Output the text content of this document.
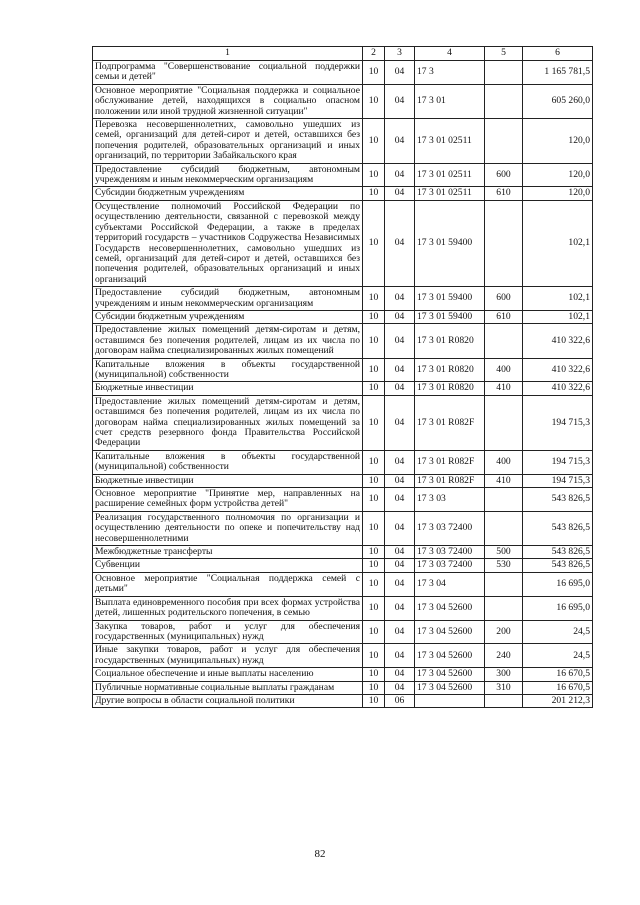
1	2	3	4	5	6
Подпрограмма "Совершенствование социальной поддержки семьи и детей"	10	04	17 3		1 165 781,5
Основное мероприятие "Социальная поддержка и социальное обслуживание детей, находящихся в социально опасном положении или иной трудной жизненной ситуации"	10	04	17 3 01		605 260,0
Перевозка несовершеннолетних, самовольно ушедших из семей, организаций для детей-сирот и детей, оставшихся без попечения родителей, образовательных организаций и иных организаций, по территории Забайкальского края	10	04	17 3 01 02511		120,0
Предоставление субсидий бюджетным, автономным учреждениям и иным некоммерческим организациям	10	04	17 3 01 02511	600	120,0
Субсидии бюджетным учреждениям	10	04	17 3 01 02511	610	120,0
Осуществление полномочий Российской Федерации по осуществлению деятельности, связанной с перевозкой между субъектами Российской Федерации, а также в пределах территорий государств – участников Содружества Независимых Государств несовершеннолетних, самовольно ушедших из семей, организаций для детей-сирот и детей, оставшихся без попечения родителей, образовательных организаций и иных организаций	10	04	17 3 01 59400		102,1
Предоставление субсидий бюджетным, автономным учреждениям и иным некоммерческим организациям	10	04	17 3 01 59400	600	102,1
Субсидии бюджетным учреждениям	10	04	17 3 01 59400	610	102,1
Предоставление жилых помещений детям-сиротам и детям, оставшимся без попечения родителей, лицам из их числа по договорам найма специализированных жилых помещений	10	04	17 3 01 R0820		410 322,6
Капитальные вложения в объекты государственной (муниципальной) собственности	10	04	17 3 01 R0820	400	410 322,6
Бюджетные инвестиции	10	04	17 3 01 R0820	410	410 322,6
Предоставление жилых помещений детям-сиротам и детям, оставшимся без попечения родителей, лицам из их числа по договорам найма специализированных жилых помещений за счет средств резервного фонда Правительства Российской Федерации	10	04	17 3 01 R082F		194 715,3
Капитальные вложения в объекты государственной (муниципальной) собственности	10	04	17 3 01 R082F	400	194 715,3
Бюджетные инвестиции	10	04	17 3 01 R082F	410	194 715,3
Основное мероприятие "Принятие мер, направленных на расширение семейных форм устройства детей"	10	04	17 3 03		543 826,5
Реализация государственного полномочия по организации и осуществлению деятельности по опеке и попечительству над несовершеннолетними	10	04	17 3 03 72400		543 826,5
Межбюджетные трансферты	10	04	17 3 03 72400	500	543 826,5
Субвенции	10	04	17 3 03 72400	530	543 826,5
Основное мероприятие "Социальная поддержка семей с детьми"	10	04	17 3 04		16 695,0
Выплата единовременного пособия при всех формах устройства детей, лишенных родительского попечения, в семью	10	04	17 3 04 52600		16 695,0
Закупка товаров, работ и услуг для обеспечения государственных (муниципальных) нужд	10	04	17 3 04 52600	200	24,5
Иные закупки товаров, работ и услуг для обеспечения государственных (муниципальных) нужд	10	04	17 3 04 52600	240	24,5
Социальное обеспечение и иные выплаты населению	10	04	17 3 04 52600	300	16 670,5
Публичные нормативные социальные выплаты гражданам	10	04	17 3 04 52600	310	16 670,5
Другие вопросы в области социальной политики	10	06			201 212,3
82
